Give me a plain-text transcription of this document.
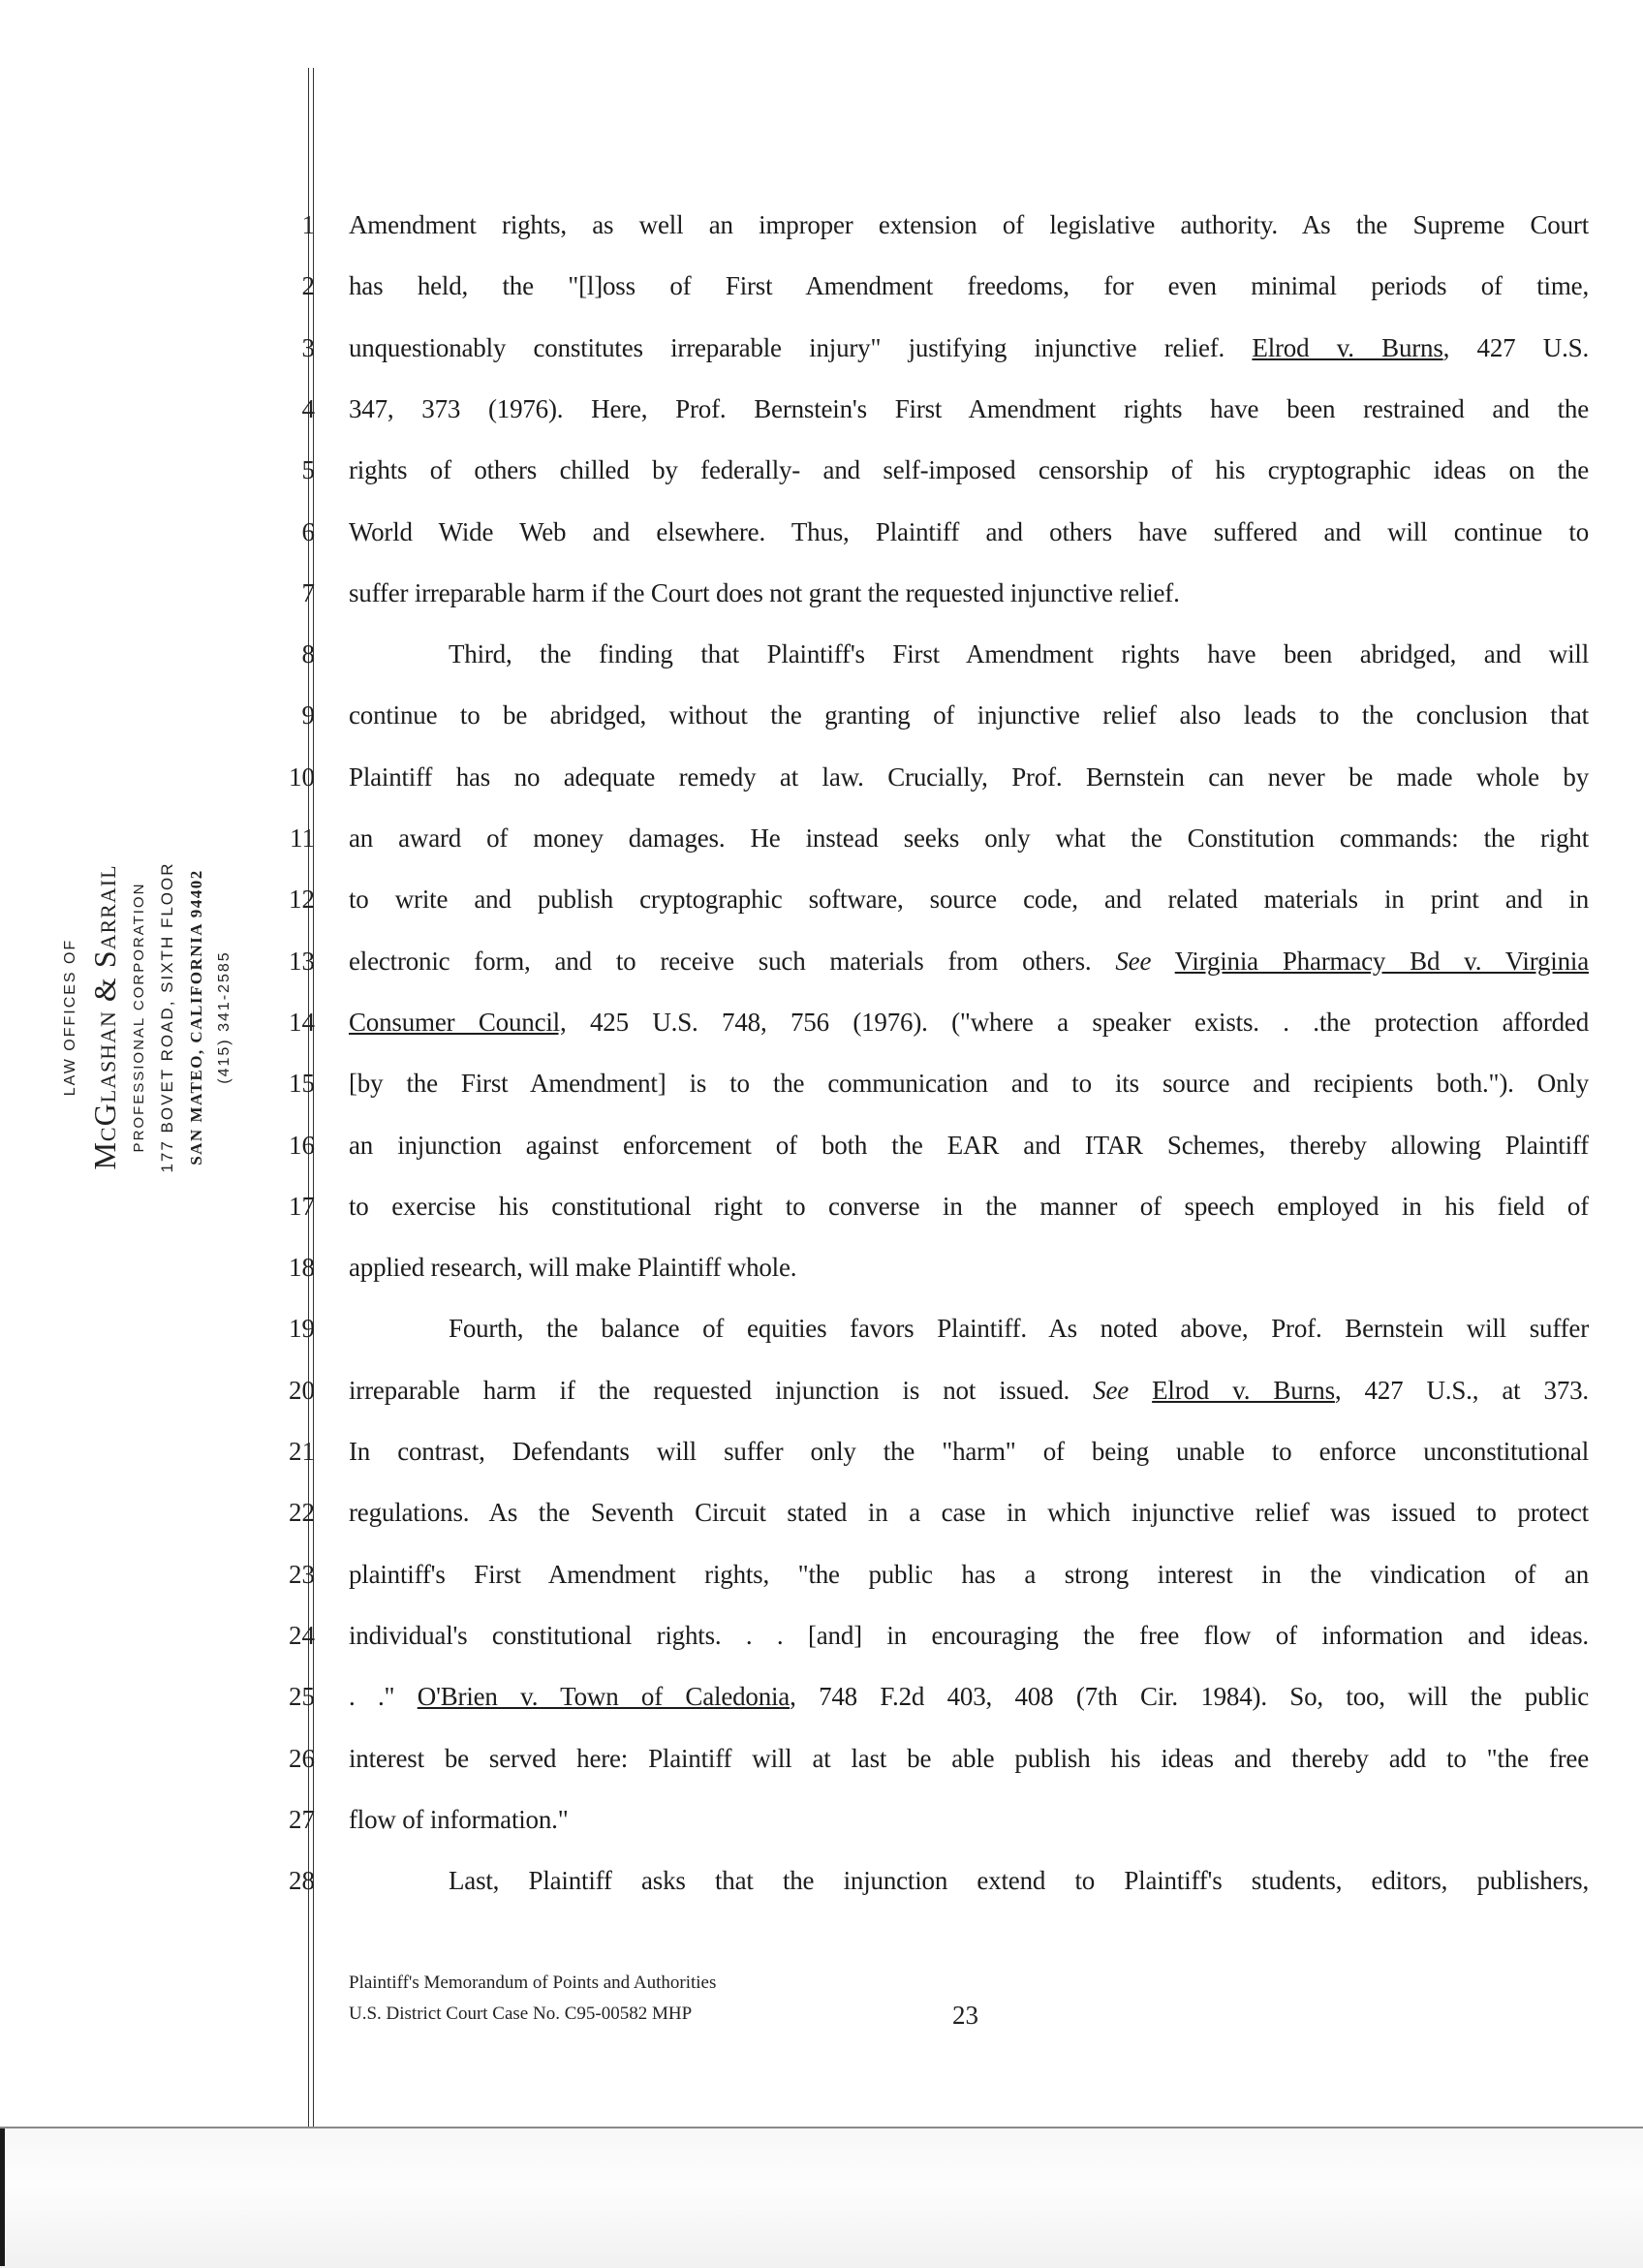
LAW OFFICES OF McGlashan & Sarrail PROFESSIONAL CORPORATION 177 BOVET ROAD, SIXTH FLOOR SAN MATEO, CALIFORNIA 94402 (415) 341-2585
1
2
3
4
5
6
7
8
9
10
11
12
13
14
15
16
17
18
19
20
21
22
23
24
25
26
27
28
Amendment rights, as well an improper extension of legislative authority. As the Supreme Court
has held, the "[l]oss of First Amendment freedoms, for even minimal periods of time,
unquestionably constitutes irreparable injury" justifying injunctive relief. Elrod v. Burns, 427 U.S.
347, 373 (1976). Here, Prof. Bernstein's First Amendment rights have been restrained and the
rights of others chilled by federally- and self-imposed censorship of his cryptographic ideas on the
World Wide Web and elsewhere. Thus, Plaintiff and others have suffered and will continue to
suffer irreparable harm if the Court does not grant the requested injunctive relief.
Third, the finding that Plaintiff's First Amendment rights have been abridged, and will
continue to be abridged, without the granting of injunctive relief also leads to the conclusion that
Plaintiff has no adequate remedy at law. Crucially, Prof. Bernstein can never be made whole by
an award of money damages. He instead seeks only what the Constitution commands: the right
to write and publish cryptographic software, source code, and related materials in print and in
electronic form, and to receive such materials from others. See Virginia Pharmacy Bd v. Virginia
Consumer Council, 425 U.S. 748, 756 (1976). ("where a speaker exists. . .the protection afforded
[by the First Amendment] is to the communication and to its source and recipients both."). Only
an injunction against enforcement of both the EAR and ITAR Schemes, thereby allowing Plaintiff
to exercise his constitutional right to converse in the manner of speech employed in his field of
applied research, will make Plaintiff whole.
Fourth, the balance of equities favors Plaintiff. As noted above, Prof. Bernstein will suffer
irreparable harm if the requested injunction is not issued. See Elrod v. Burns, 427 U.S., at 373.
In contrast, Defendants will suffer only the "harm" of being unable to enforce unconstitutional
regulations. As the Seventh Circuit stated in a case in which injunctive relief was issued to protect
plaintiff's First Amendment rights, "the public has a strong interest in the vindication of an
individual's constitutional rights. . . [and] in encouraging the free flow of information and ideas.
. ." O'Brien v. Town of Caledonia, 748 F.2d 403, 408 (7th Cir. 1984). So, too, will the public
interest be served here: Plaintiff will at last be able publish his ideas and thereby add to "the free
flow of information."
Last, Plaintiff asks that the injunction extend to Plaintiff's students, editors, publishers,
Plaintiff's Memorandum of Points and Authorities
U.S. District Court Case No. C95-00582 MHP	23
